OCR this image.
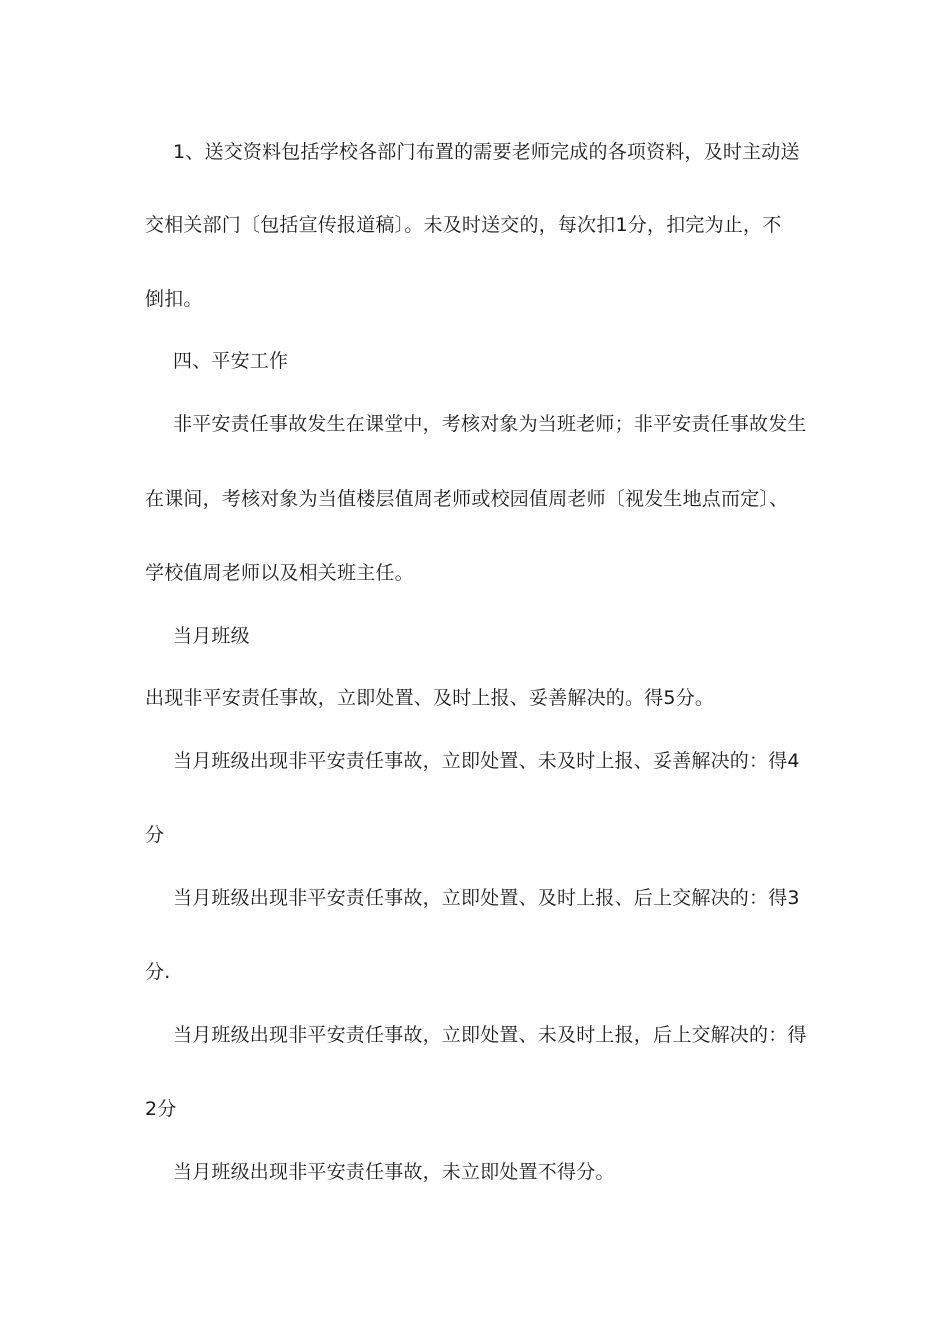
1、送交资料包括学校各部门布置的需要老师完成的各项资料，及时主动送
交相关部门〔包括宣传报道稿〕。未及时送交的，每次扣1分，扣完为止，不
倒扣。
四、平安工作
非平安责任事故发生在课堂中，考核对象为当班老师；非平安责任事故发生
在课间，考核对象为当值楼层值周老师或校园值周老师〔视发生地点而定〕、
学校值周老师以及相关班主任。
当月班级
出现非平安责任事故，立即处置、及时上报、妥善解决的。得5分。
当月班级出现非平安责任事故，立即处置、未及时上报、妥善解决的：得4
分
当月班级出现非平安责任事故，立即处置、及时上报、后上交解决的：得3
分.
当月班级出现非平安责任事故，立即处置、未及时上报，后上交解决的：得
2分
当月班级出现非平安责任事故，未立即处置不得分。
